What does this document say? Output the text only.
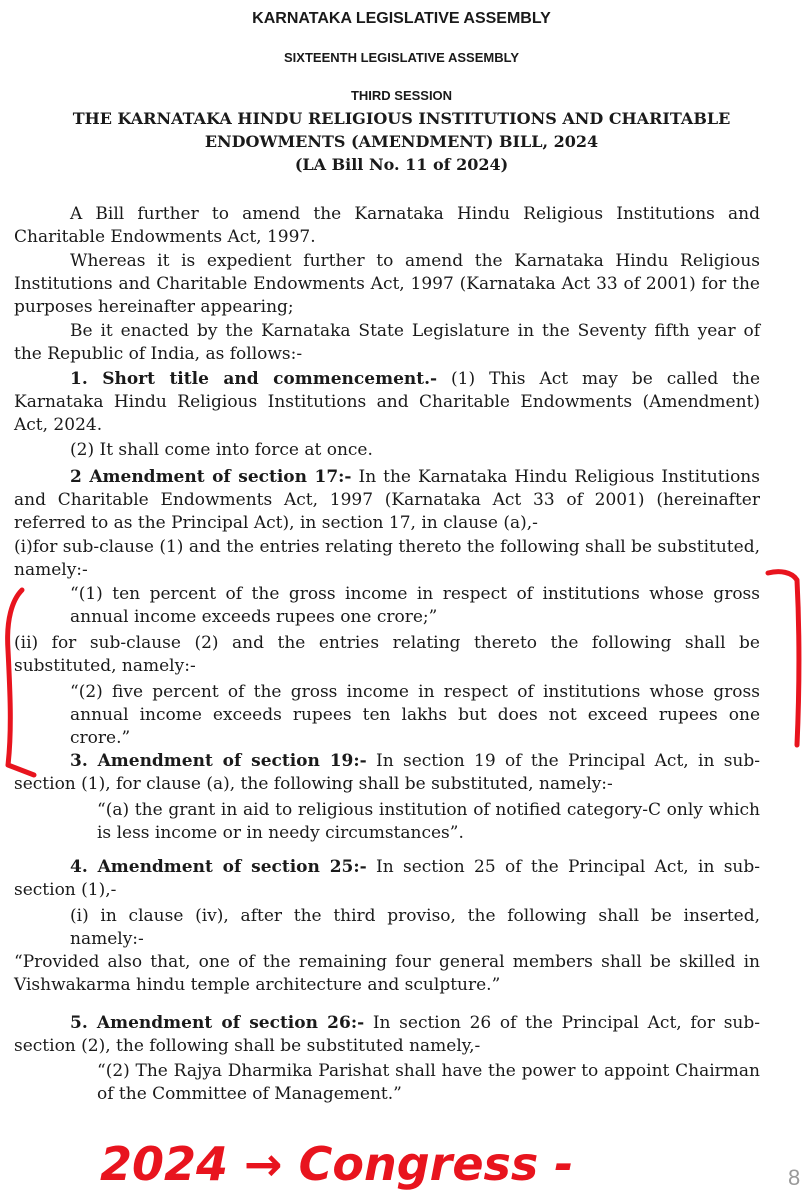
KARNATAKA LEGISLATIVE ASSEMBLY
SIXTEENTH LEGISLATIVE ASSEMBLY
THIRD SESSION
THE KARNATAKA HINDU RELIGIOUS INSTITUTIONS AND CHARITABLE
ENDOWMENTS (AMENDMENT) BILL, 2024
(LA Bill No. 11 of 2024)

A Bill further to amend the Karnataka Hindu Religious Institutions and Charitable Endowments Act, 1997.

Whereas it is expedient further to amend the Karnataka Hindu Religious Institutions and Charitable Endowments Act, 1997 (Karnataka Act 33 of 2001) for the purposes hereinafter appearing;

Be it enacted by the Karnataka State Legislature in the Seventy fifth year of the Republic of India, as follows:-

1. Short title and commencement.- (1) This Act may be called the Karnataka Hindu Religious Institutions and Charitable Endowments (Amendment) Act, 2024.

(2) It shall come into force at once.

2 Amendment of section 17:- In the Karnataka Hindu Religious Institutions and Charitable Endowments Act, 1997 (Karnataka Act 33 of 2001) (hereinafter referred to as the Principal Act), in section 17, in clause (a),-

(i)for sub-clause (1) and the entries relating thereto the following shall be substituted, namely:-

“(1) ten percent of the gross income in respect of institutions whose gross annual income exceeds rupees one crore;”

(ii) for sub-clause (2) and the entries relating thereto the following shall be substituted, namely:-

“(2) five percent of the gross income in respect of institutions whose gross annual income exceeds rupees ten lakhs but does not exceed rupees one crore.”

3. Amendment of section 19:- In section 19 of the Principal Act, in sub-section (1), for clause (a), the following shall be substituted, namely:-

“(a) the grant in aid to religious institution of notified category-C only which is less income or in needy circumstances”.

4. Amendment of section 25:- In section 25 of the Principal Act, in sub-section (1),-

(i) in clause (iv), after the third proviso, the following shall be inserted, namely:-

“Provided also that, one of the remaining four general members shall be skilled in Vishwakarma hindu temple architecture and sculpture.”

5. Amendment of section 26:- In section 26 of the Principal Act, for sub-section (2), the following shall be substituted namely,-

“(2) The Rajya Dharmika Parishat shall have the power to appoint Chairman of the Committee of Management.”

2024 → Congress -	8
